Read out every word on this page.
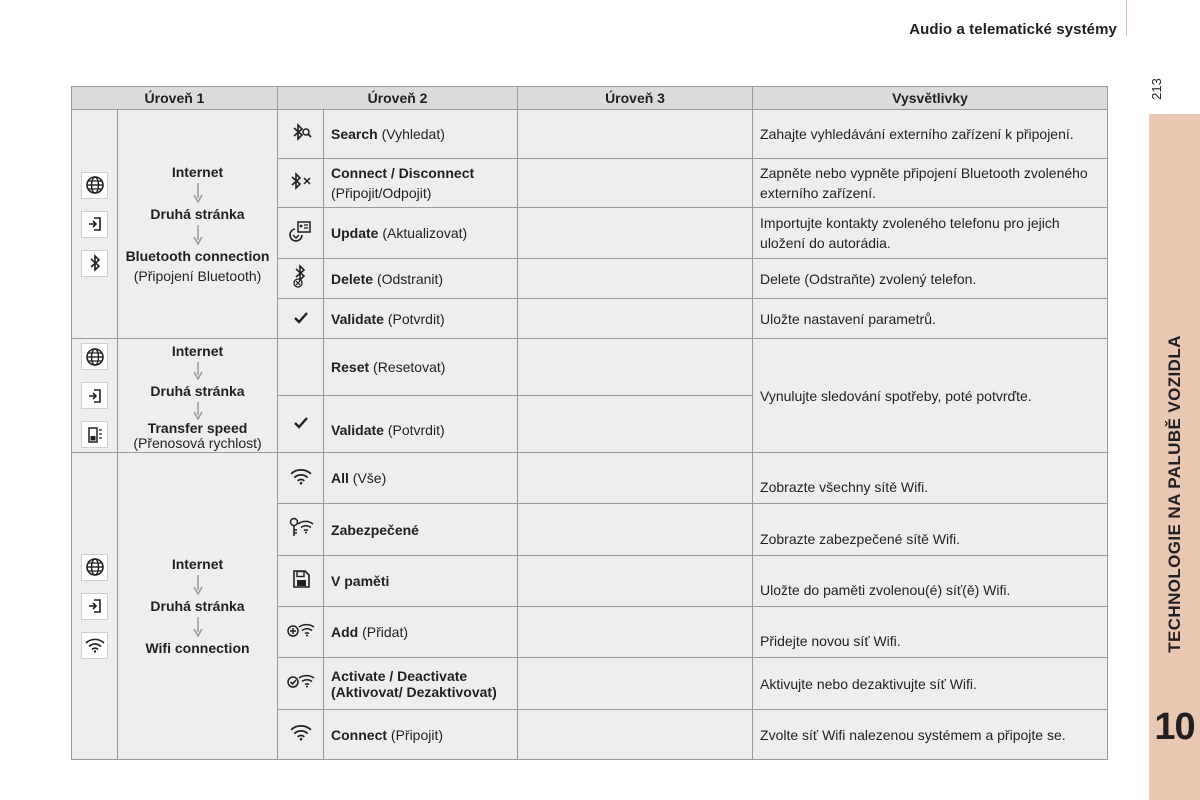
Audio a telematické systémy
213
TECHNOLOGIE NA PALUBĚ VOZIDLA
10
Úroveň 1		Úroveň 2		Úroveň 3	Vysvětlivky

Internet
Druhá stránka
Bluetooth connection
(Připojení Bluetooth)		Search (Vyhledat)		Zahajte vyhledávání externího zařízení k připojení.

	Connect / Disconnect
(Připojit/Odpojit)		Zapněte nebo vypněte připojení Bluetooth zvoleného externího zařízení.

	Update (Aktualizovat)		Importujte kontakty zvoleného telefonu pro jejich uložení do autorádia.

	Delete (Odstranit)		Delete (Odstraňte) zvolený telefon.

	Validate (Potvrdit)		Uložte nastavení parametrů.

Internet
Druhá stránka
Transfer speed
(Přenosová rychlost)		Reset (Resetovat)		Vynulujte sledování spotřeby, poté potvrďte.

	Validate (Potvrdit)		

Internet
Druhá stránka
Wifi connection		All (Vše)		Zobrazte všechny sítě Wifi.

	Zabezpečené		Zobrazte zabezpečené sítě Wifi.

	V paměti		Uložte do paměti zvolenou(é) síť(ě) Wifi.

	Add (Přidat)		Přidejte novou síť Wifi.

	Activate / Deactivate (Aktivovat/ Dezaktivovat)		Aktivujte nebo dezaktivujte síť Wifi.

	Connect (Připojit)		Zvolte síť Wifi nalezenou systémem a připojte se.
